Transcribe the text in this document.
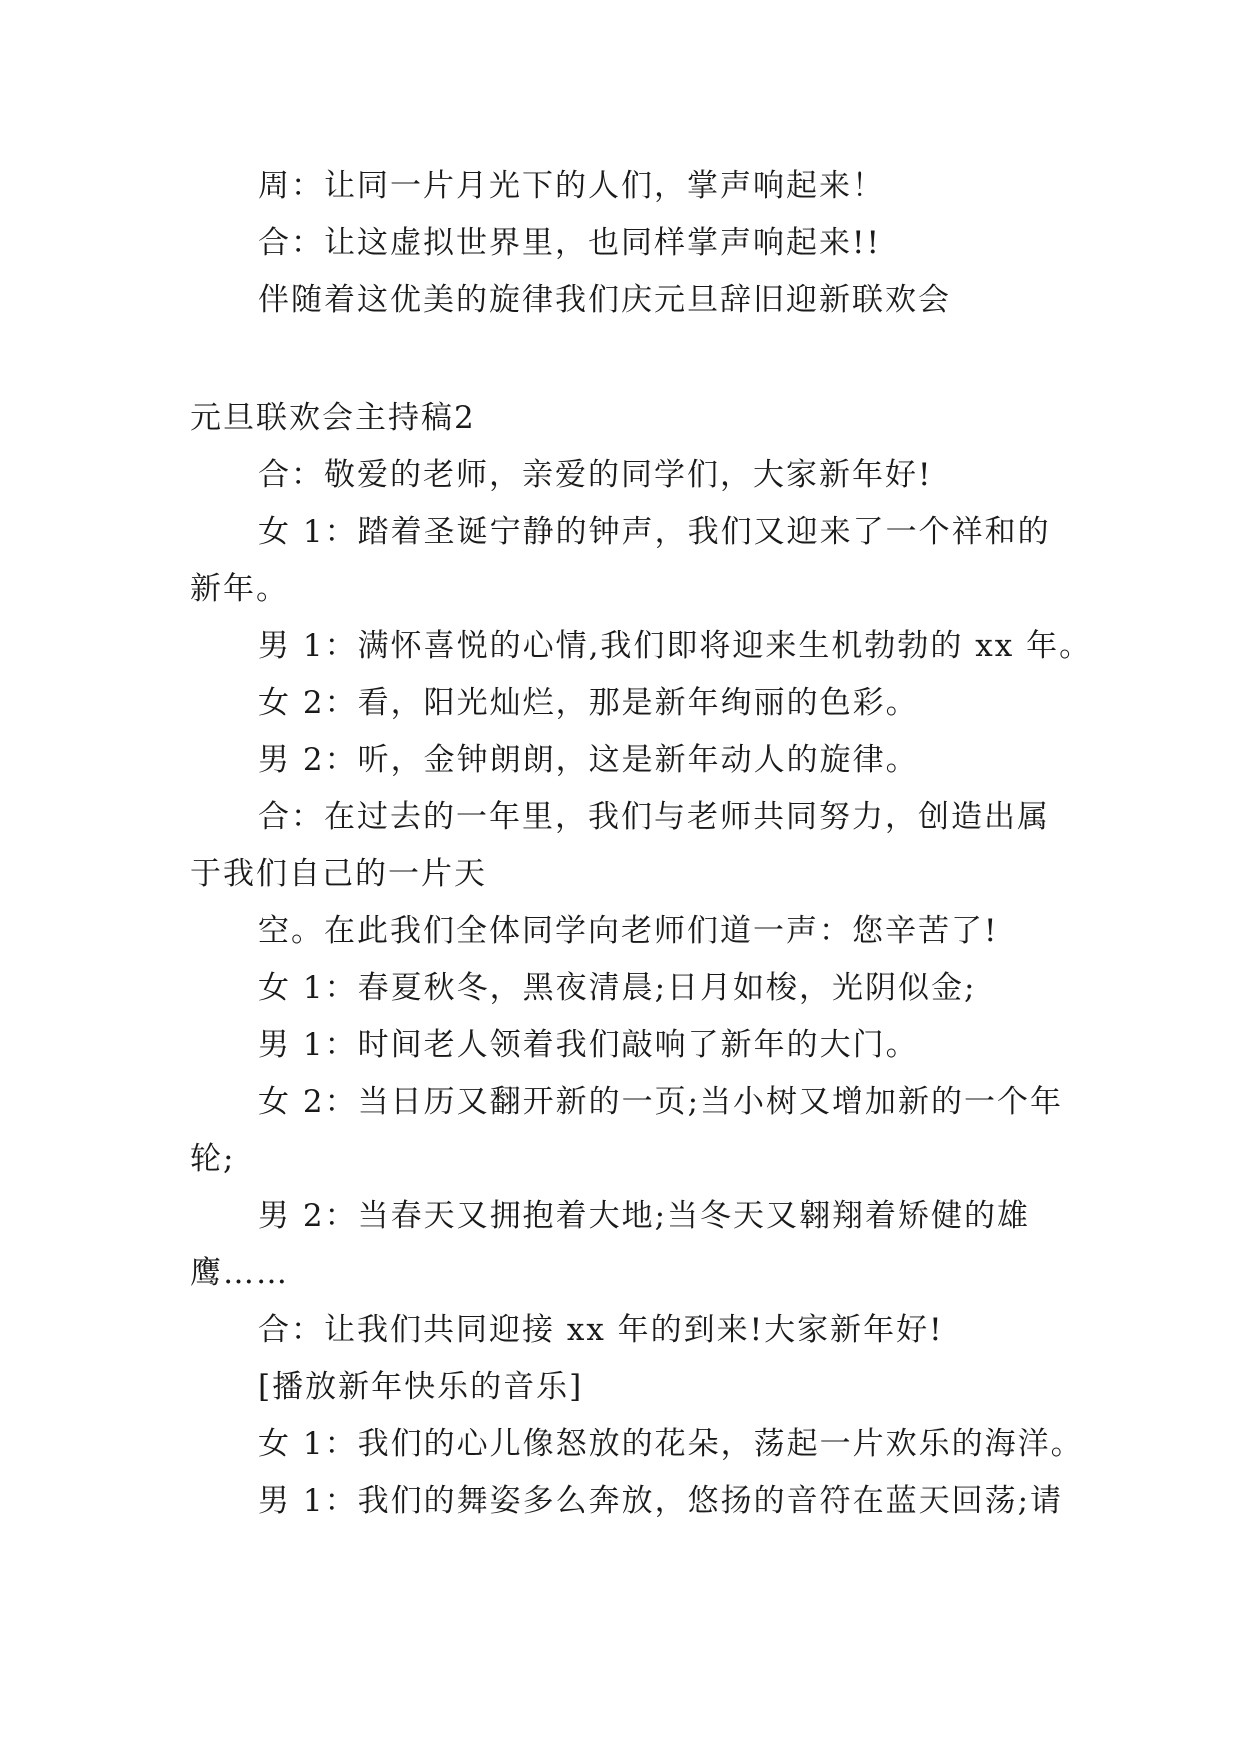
周：让同一片月光下的人们，掌声响起来！
合：让这虚拟世界里，也同样掌声响起来!!
伴随着这优美的旋律我们庆元旦辞旧迎新联欢会
元旦联欢会主持稿2
合：敬爱的老师，亲爱的同学们，大家新年好!
女 1：踏着圣诞宁静的钟声，我们又迎来了一个祥和的
新年。
男 1：满怀喜悦的心情,我们即将迎来生机勃勃的 xx 年。
女 2：看，阳光灿烂，那是新年绚丽的色彩。
男 2：听，金钟朗朗，这是新年动人的旋律。
合：在过去的一年里，我们与老师共同努力，创造出属
于我们自己的一片天
空。在此我们全体同学向老师们道一声：您辛苦了!
女 1：春夏秋冬，黑夜清晨;日月如梭，光阴似金;
男 1：时间老人领着我们敲响了新年的大门。
女 2：当日历又翻开新的一页;当小树又增加新的一个年
轮;
男 2：当春天又拥抱着大地;当冬天又翱翔着矫健的雄
鹰……
合：让我们共同迎接 xx 年的到来!大家新年好!
[播放新年快乐的音乐]
女 1：我们的心儿像怒放的花朵，荡起一片欢乐的海洋。
男 1：我们的舞姿多么奔放，悠扬的音符在蓝天回荡;请
